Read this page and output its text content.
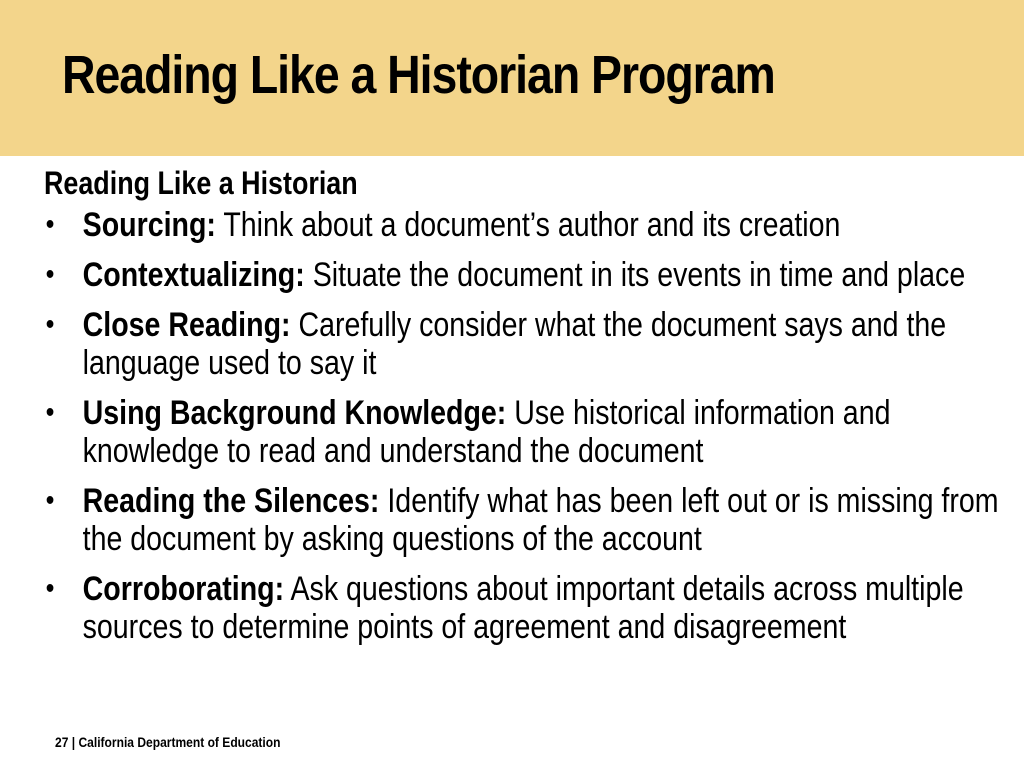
Reading Like a Historian Program
Reading Like a Historian
• Sourcing: Think about a document’s author and its creation
• Contextualizing: Situate the document in its events in time and place
• Close Reading: Carefully consider what the document says and the language used to say it
• Using Background Knowledge: Use historical information and knowledge to read and understand the document
• Reading the Silences: Identify what has been left out or is missing from the document by asking questions of the account
• Corroborating: Ask questions about important details across multiple sources to determine points of agreement and disagreement
27 | California Department of Education
